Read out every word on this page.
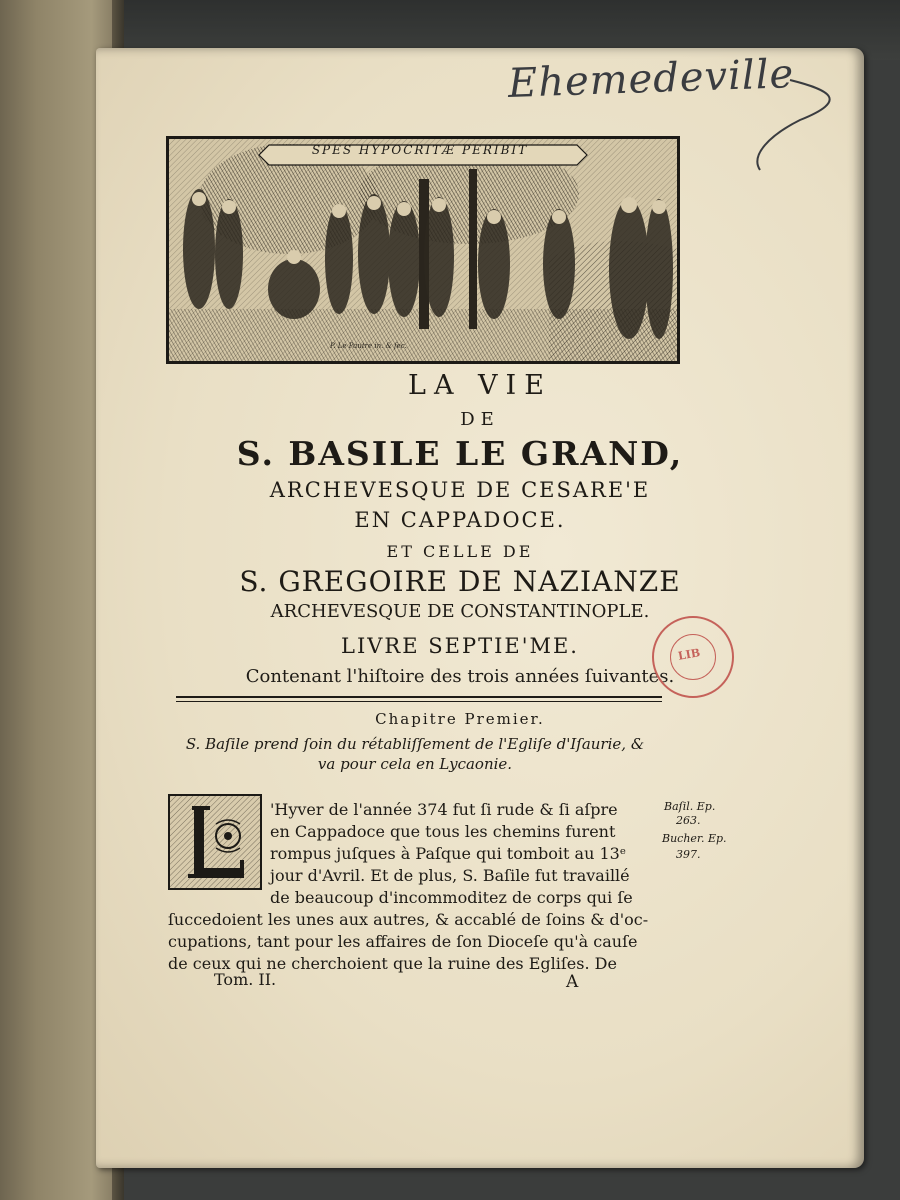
Ehemedeville
SPES HYPOCRITÆ PERIBIT
P. Le Pautre in. & fec.
LA VIE
DE
S. BASILE LE GRAND,
ARCHEVESQUE DE CESARE'E
EN CAPPADOCE.
ET CELLE DE
S. GREGOIRE DE NAZIANZE
ARCHEVESQUE DE CONSTANTINOPLE.
LIVRE SEPTIE'ME.
Contenant l'hiſtoire des trois années ſuivantes.
Chapitre Premier.
S. Baſile prend ſoin du rétabliſſement de l'Egliſe d'Iſaurie, &
va pour cela en Lycaonie.
'Hyver de l'année 374 fut ſi rude & ſi aſpre
en Cappadoce que tous les chemins furent
rompus juſques à Paſque qui tomboit au 13ᵉ
jour d'Avril. Et de plus, S. Baſile fut travaillé
de beaucoup d'incommoditez de corps qui ſe
ſuccedoient les unes aux autres, & accablé de ſoins & d'oc-
cupations, tant pour les affaires de ſon Dioceſe qu'à cauſe
de ceux qui ne cherchoient que la ruine des Egliſes. De
Baſil. Ep.
263.
Bucher. Ep.
397.
Tom. II.	A
LIB
